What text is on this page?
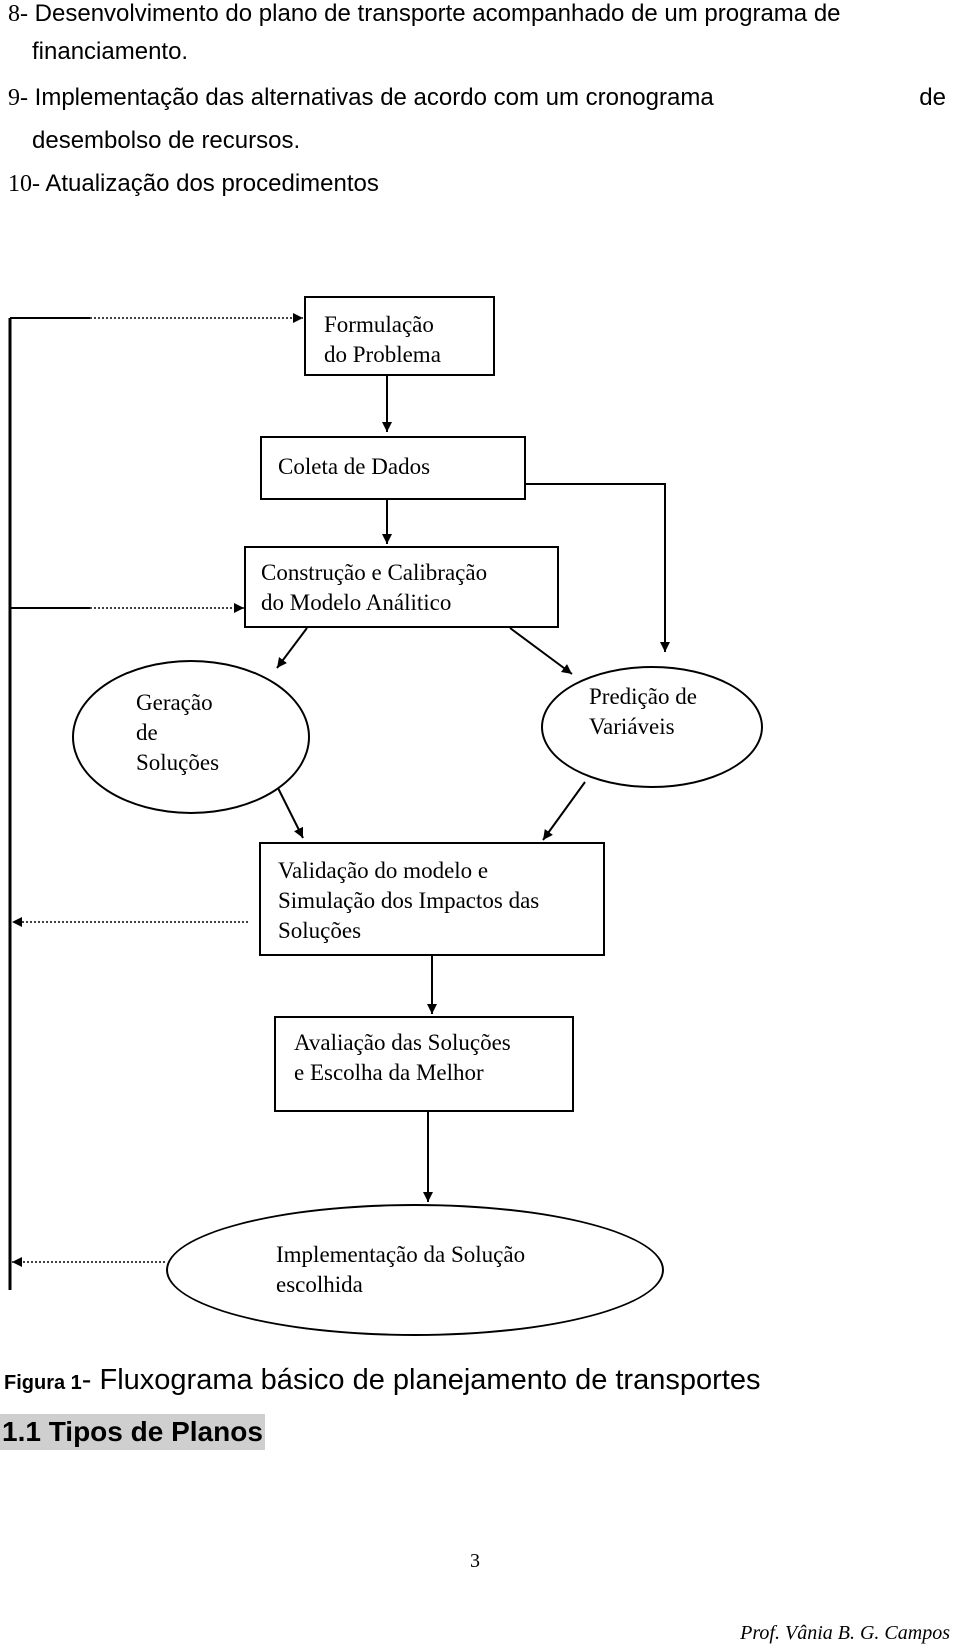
8- Desenvolvimento do plano de transporte acompanhado de um programa de
financiamento.
9- Implementação das alternativas de acordo com um cronograma	de
desembolso de recursos.
10- Atualização dos procedimentos
Formulação
do Problema
Coleta de Dados
Construção e Calibração
do Modelo Análitico
Geração
de
Soluções
Predição de
Variáveis
Validação do modelo e
Simulação dos Impactos das
Soluções
Avaliação das Soluções
e Escolha da Melhor
Implementação da Solução
escolhida
Figura 1- Fluxograma básico de planejamento de transportes
1.1 Tipos de Planos
3
Prof. Vânia B. G. Campos
